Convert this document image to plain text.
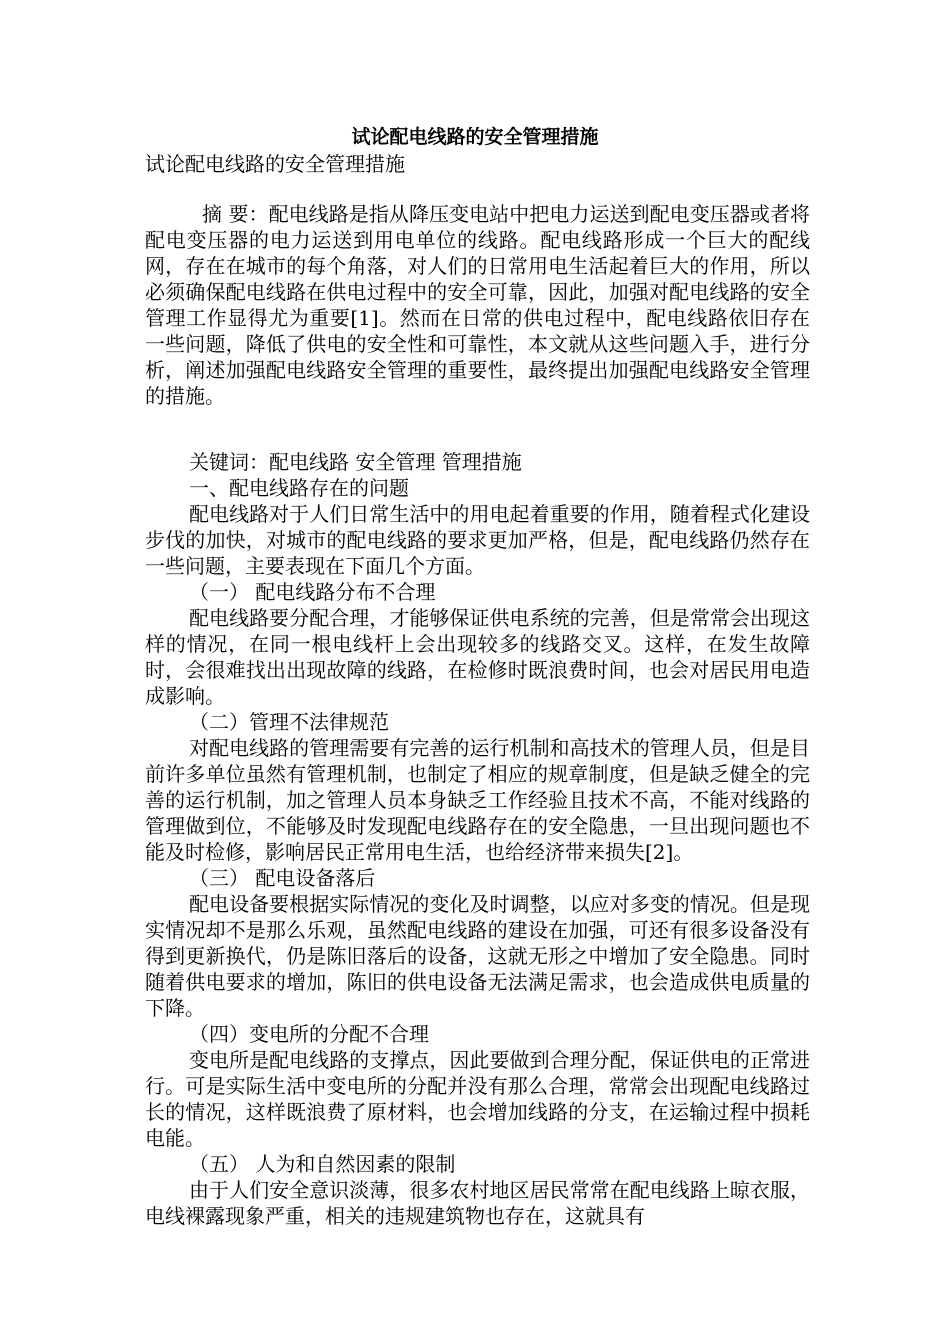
试论配电线路的安全管理措施

试论配电线路的安全管理措施

摘 要：配电线路是指从降压变电站中把电力运送到配电变压器或者将配电变压器的电力运送到用电单位的线路。配电线路形成一个巨大的配线网，存在在城市的每个角落，对人们的日常用电生活起着巨大的作用，所以必须确保配电线路在供电过程中的安全可靠，因此，加强对配电线路的安全管理工作显得尤为重要[1]。然而在日常的供电过程中，配电线路依旧存在一些问题，降低了供电的安全性和可靠性，本文就从这些问题入手，进行分析，阐述加强配电线路安全管理的重要性，最终提出加强配电线路安全管理的措施。

关键词：配电线路 安全管理 管理措施

一、配电线路存在的问题

配电线路对于人们日常生活中的用电起着重要的作用，随着程式化建设步伐的加快，对城市的配电线路的要求更加严格，但是，配电线路仍然存在一些问题，主要表现在下面几个方面。

（一） 配电线路分布不合理

配电线路要分配合理，才能够保证供电系统的完善，但是常常会出现这样的情况，在同一根电线杆上会出现较多的线路交叉。这样，在发生故障时，会很难找出出现故障的线路，在检修时既浪费时间，也会对居民用电造成影响。

（二）管理不法律规范

对配电线路的管理需要有完善的运行机制和高技术的管理人员，但是目前许多单位虽然有管理机制，也制定了相应的规章制度，但是缺乏健全的完善的运行机制，加之管理人员本身缺乏工作经验且技术不高，不能对线路的管理做到位，不能够及时发现配电线路存在的安全隐患，一旦出现问题也不能及时检修，影响居民正常用电生活，也给经济带来损失[2]。

（三） 配电设备落后

配电设备要根据实际情况的变化及时调整，以应对多变的情况。但是现实情况却不是那么乐观，虽然配电线路的建设在加强，可还有很多设备没有得到更新换代，仍是陈旧落后的设备，这就无形之中增加了安全隐患。同时随着供电要求的增加，陈旧的供电设备无法满足需求，也会造成供电质量的下降。

（四）变电所的分配不合理

变电所是配电线路的支撑点，因此要做到合理分配，保证供电的正常进行。可是实际生活中变电所的分配并没有那么合理，常常会出现配电线路过长的情况，这样既浪费了原材料，也会增加线路的分支，在运输过程中损耗电能。

（五） 人为和自然因素的限制

由于人们安全意识淡薄，很多农村地区居民常常在配电线路上晾衣服，电线裸露现象严重，相关的违规建筑物也存在，这就具有
